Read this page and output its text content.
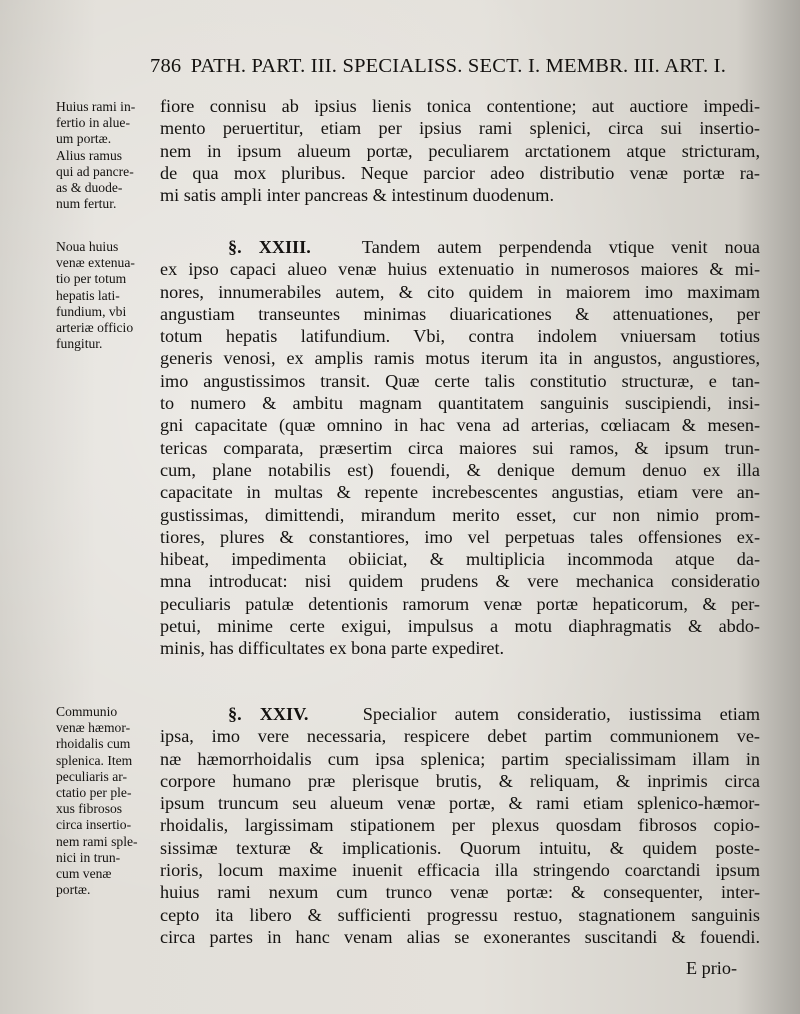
786 PATH. PART. III. SPECIALISS. SECT. I. MEMBR. III. ART. I.
Huius rami in-
fertio in alue-
um portæ.
Alius ramus
qui ad pancre-
as & duode-
num fertur.
Noua huius
venæ extenua-
tio per totum
hepatis lati-
fundium, vbi
arteriæ officio
fungitur.
Communio
venæ hæmor-
rhoidalis cum
splenica. Item
peculiaris ar-
ctatio per ple-
xus fibrosos
circa insertio-
nem rami sple-
nici in trun-
cum venæ
portæ.
fiore connisu ab ipsius lienis tonica contentione; aut auctiore impedi-
mento peruertitur, etiam per ipsius rami splenici, circa sui insertio-
nem in ipsum alueum portæ, peculiarem arctationem atque stricturam,
de qua mox pluribus. Neque parcior adeo distributio venæ portæ ra-
mi satis ampli inter pancreas & intestinum duodenum.
§. XXIII.	Tandem autem perpendenda vtique venit noua
ex ipso capaci alueo venæ huius extenuatio in numerosos maiores & mi-
nores, innumerabiles autem, & cito quidem in maiorem imo maximam
angustiam transeuntes minimas diuaricationes & attenuationes, per
totum hepatis latifundium. Vbi, contra indolem vniuersam totius
generis venosi, ex amplis ramis motus iterum ita in angustos, angustiores,
imo angustissimos transit. Quæ certe talis constitutio structuræ, e tan-
to numero & ambitu magnam quantitatem sanguinis suscipiendi, insi-
gni capacitate (quæ omnino in hac vena ad arterias, cœliacam & mesen-
tericas comparata, præsertim circa maiores sui ramos, & ipsum trun-
cum, plane notabilis est) fouendi, & denique demum denuo ex illa
capacitate in multas & repente increbescentes angustias, etiam vere an-
gustissimas, dimittendi, mirandum merito esset, cur non nimio prom-
tiores, plures & constantiores, imo vel perpetuas tales offensiones ex-
hibeat, impedimenta obiiciat, & multiplicia incommoda atque da-
mna introducat: nisi quidem prudens & vere mechanica consideratio
peculiaris patulæ detentionis ramorum venæ portæ hepaticorum, & per-
petui, minime certe exigui, impulsus a motu diaphragmatis & abdo-
minis, has difficultates ex bona parte expediret.
§. XXIV.	Specialior autem consideratio, iustissima etiam
ipsa, imo vere necessaria, respicere debet partim communionem ve-
næ hæmorrhoidalis cum ipsa splenica; partim specialissimam illam in
corpore humano præ plerisque brutis, & reliquam, & inprimis circa
ipsum truncum seu alueum venæ portæ, & rami etiam splenico-hæmor-
rhoidalis, largissimam stipationem per plexus quosdam fibrosos copio-
sissimæ texturæ & implicationis. Quorum intuitu, & quidem poste-
rioris, locum maxime inuenit efficacia illa stringendo coarctandi ipsum
huius rami nexum cum trunco venæ portæ: & consequenter, inter-
cepto ita libero & sufficienti progressu restuo, stagnationem sanguinis
circa partes in hanc venam alias se exonerantes suscitandi & fouendi.
E prio-
